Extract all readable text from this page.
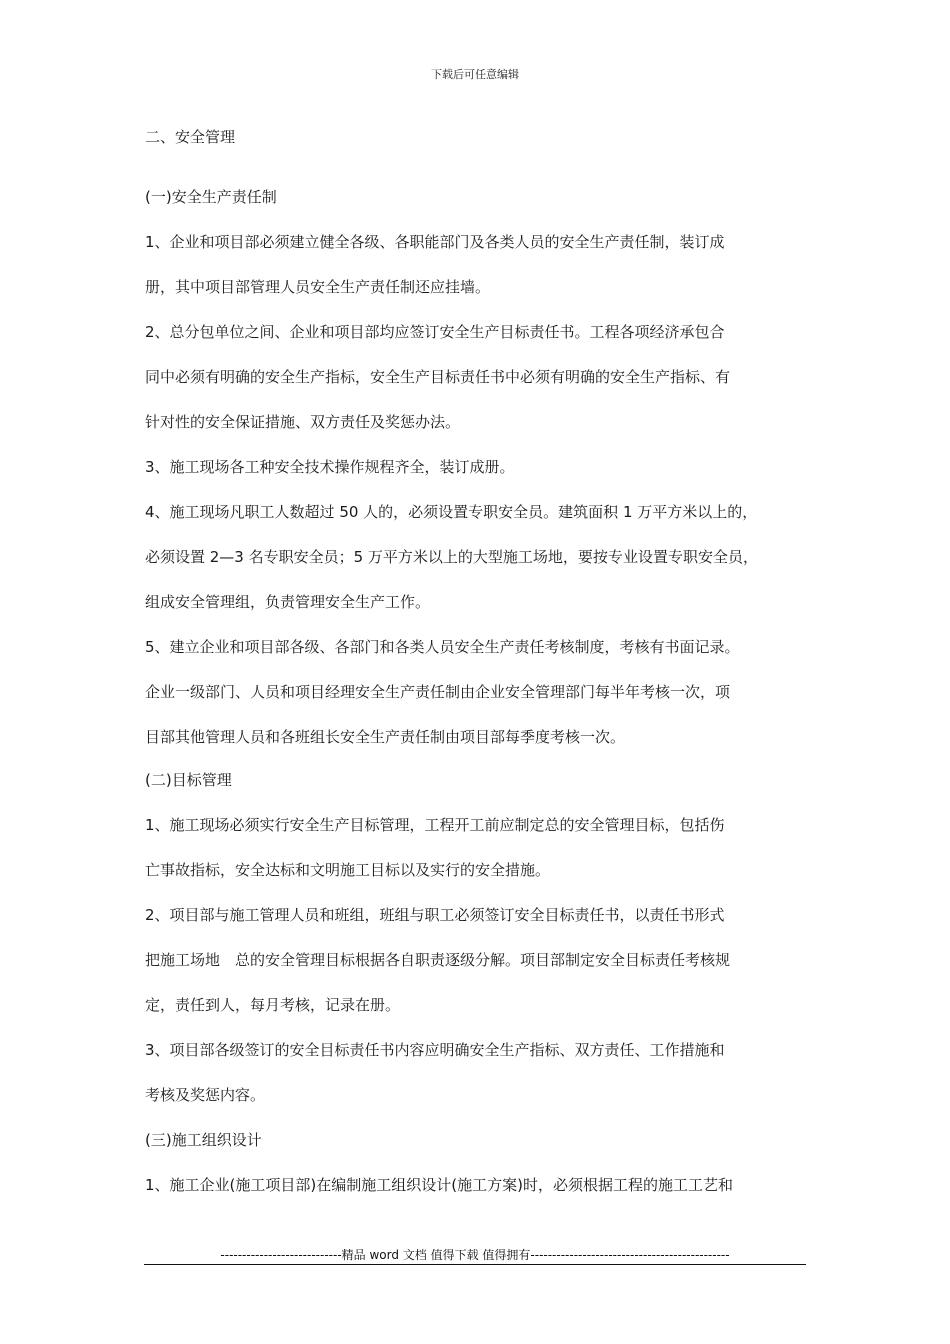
下载后可任意编辑
二、安全管理
(一)安全生产责任制
1、企业和项目部必须建立健全各级、各职能部门及各类人员的安全生产责任制，装订成
册，其中项目部管理人员安全生产责任制还应挂墙。
2、总分包单位之间、企业和项目部均应签订安全生产目标责任书。工程各项经济承包合
同中必须有明确的安全生产指标，安全生产目标责任书中必须有明确的安全生产指标、有
针对性的安全保证措施、双方责任及奖惩办法。
3、施工现场各工种安全技术操作规程齐全，装订成册。
4、施工现场凡职工人数超过 50 人的，必须设置专职安全员。建筑面积 1 万平方米以上的，
必须设置 2—3 名专职安全员；5 万平方米以上的大型施工场地，要按专业设置专职安全员，
组成安全管理组，负责管理安全生产工作。
5、建立企业和项目部各级、各部门和各类人员安全生产责任考核制度，考核有书面记录。
企业一级部门、人员和项目经理安全生产责任制由企业安全管理部门每半年考核一次，项
目部其他管理人员和各班组长安全生产责任制由项目部每季度考核一次。
(二)目标管理
1、施工现场必须实行安全生产目标管理，工程开工前应制定总的安全管理目标，包括伤
亡事故指标，安全达标和文明施工目标以及实行的安全措施。
2、项目部与施工管理人员和班组，班组与职工必须签订安全目标责任书，以责任书形式
把施工场地　总的安全管理目标根据各自职责逐级分解。项目部制定安全目标责任考核规
定，责任到人，每月考核，记录在册。
3、项目部各级签订的安全目标责任书内容应明确安全生产指标、双方责任、工作措施和
考核及奖惩内容。
(三)施工组织设计
1、施工企业(施工项目部)在编制施工组织设计(施工方案)时，必须根据工程的施工工艺和
----------------------------精品 word 文档 值得下载 值得拥有----------------------------------------------
